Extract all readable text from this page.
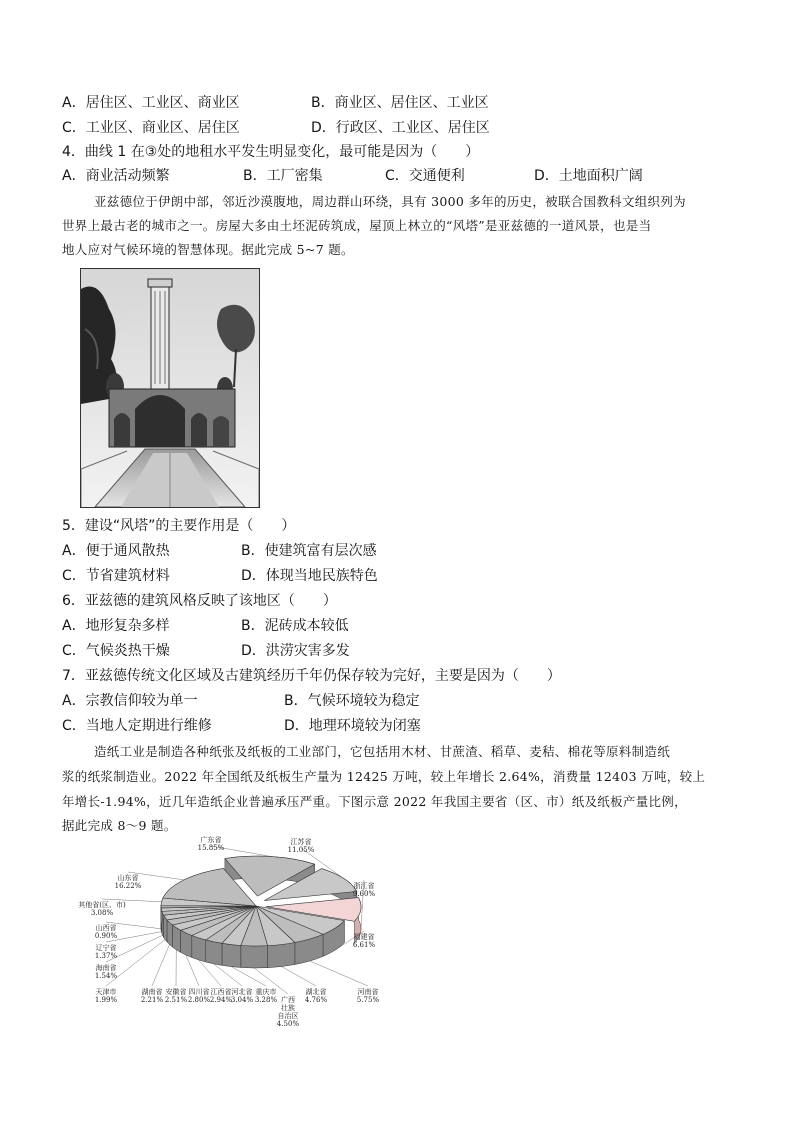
A．居住区、工业区、商业区	B．商业区、居住区、工业区
C．工业区、商业区、居住区	D．行政区、工业区、居住区
4．曲线 1 在③处的地租水平发生明显变化，最可能是因为（　　）
A．商业活动频繁	B．工厂密集	C．交通便利	D．土地面积广阔
亚兹德位于伊朗中部，邻近沙漠腹地，周边群山环绕，具有 3000 多年的历史，被联合国教科文组织列为
世界上最古老的城市之一。房屋大多由土坯泥砖筑成，屋顶上林立的“风塔”是亚兹德的一道风景，也是当
地人应对气候环境的智慧体现。据此完成 5~7 题。
5．建设“风塔”的主要作用是（　　）
A．便于通风散热	B．使建筑富有层次感
C．节省建筑材料	D．体现当地民族特色
6．亚兹德的建筑风格反映了该地区（　　）
A．地形复杂多样	B．泥砖成本较低
C．气候炎热干燥	D．洪涝灾害多发
7．亚兹德传统文化区域及古建筑经历千年仍保存较为完好，主要是因为（　　）
A．宗教信仰较为单一	B．气候环境较为稳定
C．当地人定期进行维修	D．地理环境较为闭塞
造纸工业是制造各种纸张及纸板的工业部门，它包括用木材、甘蔗渣、稻草、麦秸、棉花等原料制造纸
浆的纸浆制造业。2022 年全国纸及纸板生产量为 12425 万吨，较上年增长 2.64%，消费量 12403 万吨，较上
年增长-1.94%，近几年造纸企业普遍承压严重。下图示意 2022 年我国主要省（区、市）纸及纸板产量比例，
据此完成 8～9 题。
广东省 15.85%
江苏省 11.05%
浙江省 9.60%
福建省 6.61%
河南省 5.75%
湖北省 4.76%
广西壮族自治区 4.50%
重庆市 3.28%
河北省 3.04%
江西省 2.94%
四川省 2.80%
安徽省 2.51%
湖南省 2.21%
天津市 1.99%
海南省 1.54%
辽宁省 1.37%
山西省 0.90%
其他省(区、市) 3.08%
山东省 16.22%
